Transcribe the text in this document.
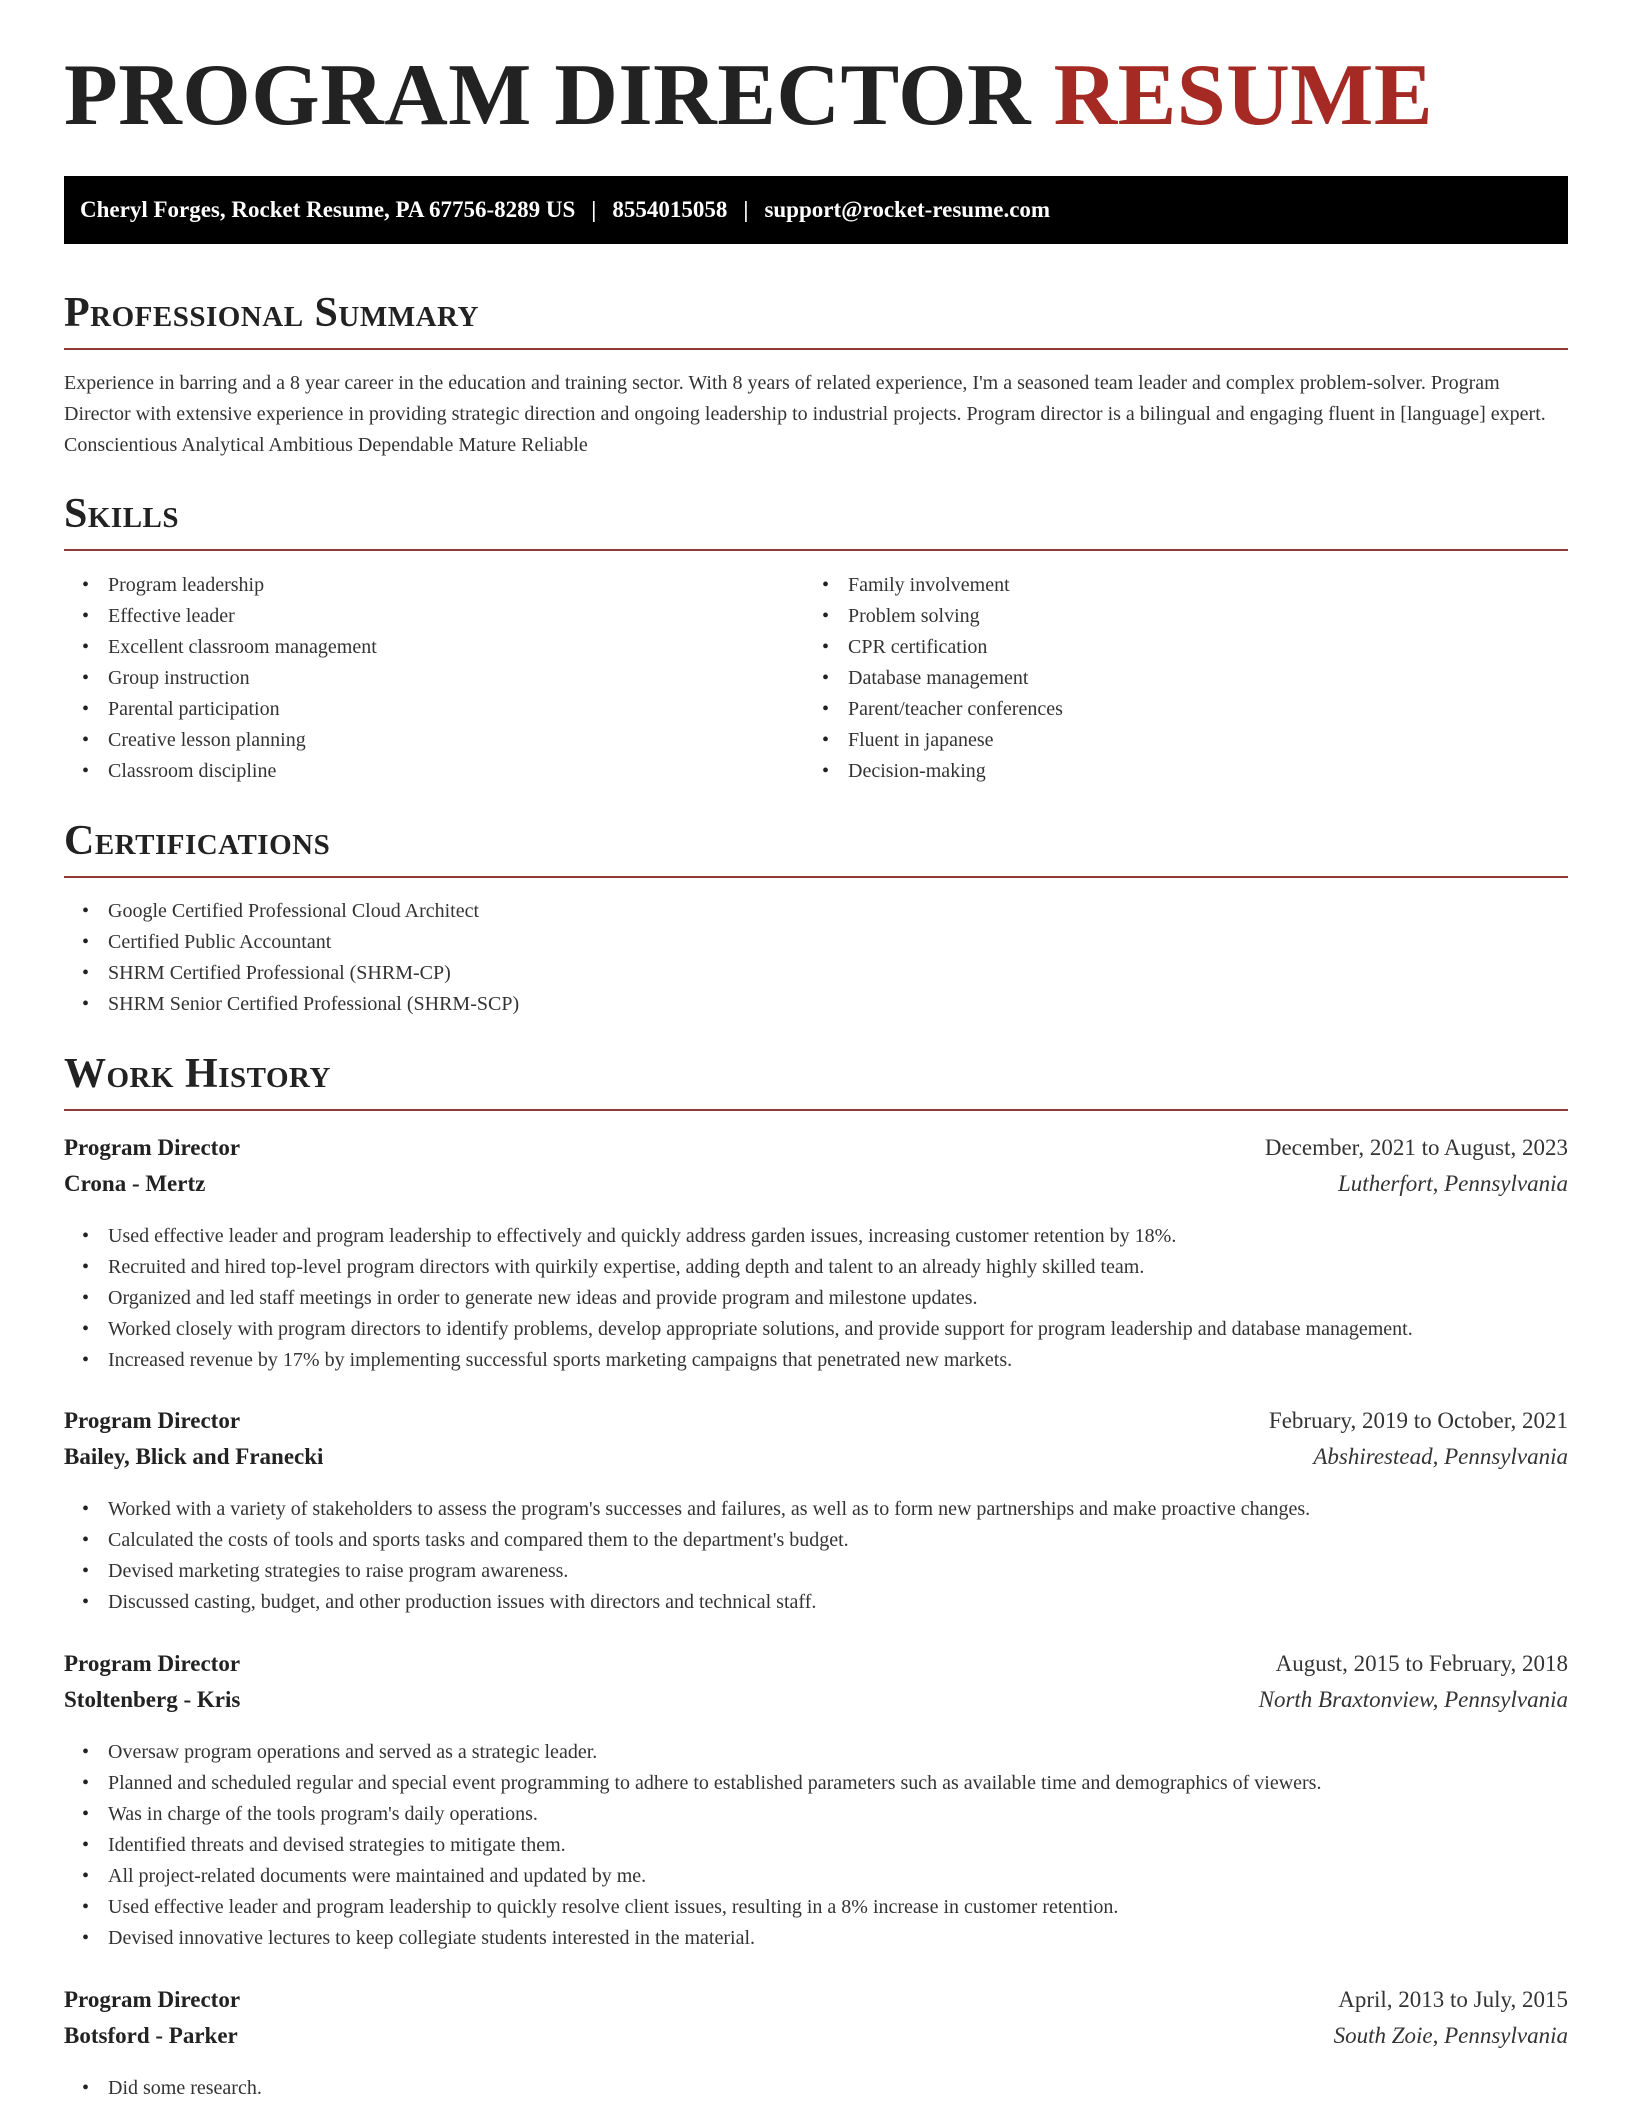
PROGRAM DIRECTOR RESUME
Cheryl Forges, Rocket Resume, PA 67756-8289 US | 8554015058 | support@rocket-resume.com
Professional Summary

Experience in barring and a 8 year career in the education and training sector. With 8 years of related experience, I'm a seasoned team leader and complex problem-solver. Program Director with extensive experience in providing strategic direction and ongoing leadership to industrial projects. Program director is a bilingual and engaging fluent in [language] expert. Conscientious Analytical Ambitious Dependable Mature Reliable

Skills
• Program leadership
• Effective leader
• Excellent classroom management
• Group instruction
• Parental participation
• Creative lesson planning
• Classroom discipline
• Family involvement
• Problem solving
• CPR certification
• Database management
• Parent/teacher conferences
• Fluent in japanese
• Decision-making
Certifications
• Google Certified Professional Cloud Architect
• Certified Public Accountant
• SHRM Certified Professional (SHRM-CP)
• SHRM Senior Certified Professional (SHRM-SCP)
Work History
Program Director	December, 2021 to August, 2023
Crona - Mertz	Lutherfort, Pennsylvania
• Used effective leader and program leadership to effectively and quickly address garden issues, increasing customer retention by 18%.
• Recruited and hired top-level program directors with quirkily expertise, adding depth and talent to an already highly skilled team.
• Organized and led staff meetings in order to generate new ideas and provide program and milestone updates.
• Worked closely with program directors to identify problems, develop appropriate solutions, and provide support for program leadership and database management.
• Increased revenue by 17% by implementing successful sports marketing campaigns that penetrated new markets.
Program Director	February, 2019 to October, 2021
Bailey, Blick and Franecki	Abshirestead, Pennsylvania
• Worked with a variety of stakeholders to assess the program's successes and failures, as well as to form new partnerships and make proactive changes.
• Calculated the costs of tools and sports tasks and compared them to the department's budget.
• Devised marketing strategies to raise program awareness.
• Discussed casting, budget, and other production issues with directors and technical staff.
Program Director	August, 2015 to February, 2018
Stoltenberg - Kris	North Braxtonview, Pennsylvania
• Oversaw program operations and served as a strategic leader.
• Planned and scheduled regular and special event programming to adhere to established parameters such as available time and demographics of viewers.
• Was in charge of the tools program's daily operations.
• Identified threats and devised strategies to mitigate them.
• All project-related documents were maintained and updated by me.
• Used effective leader and program leadership to quickly resolve client issues, resulting in a 8% increase in customer retention.
• Devised innovative lectures to keep collegiate students interested in the material.
Program Director	April, 2013 to July, 2015
Botsford - Parker	South Zoie, Pennsylvania
• Did some research.
